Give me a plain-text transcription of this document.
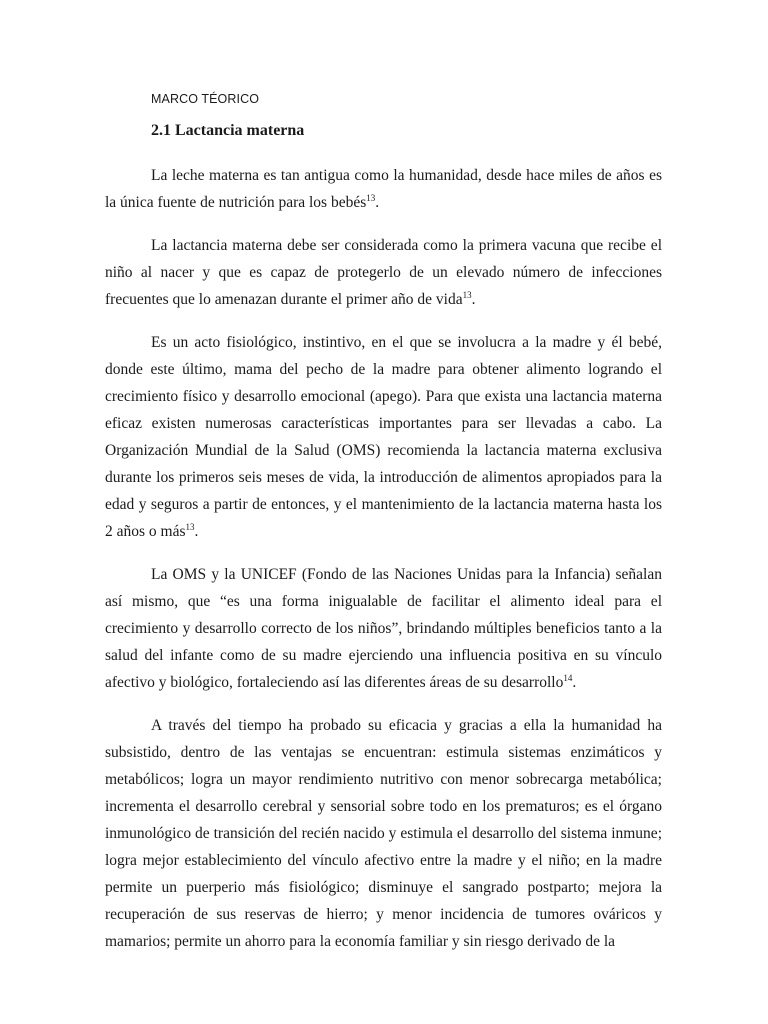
MARCO TÉORICO
2.1 Lactancia materna

La leche materna es tan antigua como la humanidad, desde hace miles de años es la única fuente de nutrición para los bebés$^{13}$.

La lactancia materna debe ser considerada como la primera vacuna que recibe el niño al nacer y que es capaz de protegerlo de un elevado número de infecciones frecuentes que lo amenazan durante el primer año de vida$^{13}$.

Es un acto fisiológico, instintivo, en el que se involucra a la madre y él bebé, donde este último, mama del pecho de la madre para obtener alimento logrando el crecimiento físico y desarrollo emocional (apego). Para que exista una lactancia materna eficaz existen numerosas características importantes para ser llevadas a cabo. La Organización Mundial de la Salud (OMS) recomienda la lactancia materna exclusiva durante los primeros seis meses de vida, la introducción de alimentos apropiados para la edad y seguros a partir de entonces, y el mantenimiento de la lactancia materna hasta los 2 años o más$^{13}$.

La OMS y la UNICEF (Fondo de las Naciones Unidas para la Infancia) señalan así mismo, que “es una forma inigualable de facilitar el alimento ideal para el crecimiento y desarrollo correcto de los niños”, brindando múltiples beneficios tanto a la salud del infante como de su madre ejerciendo una influencia positiva en su vínculo afectivo y biológico, fortaleciendo así las diferentes áreas de su desarrollo$^{14}$.

A través del tiempo ha probado su eficacia y gracias a ella la humanidad ha subsistido, dentro de las ventajas se encuentran: estimula sistemas enzimáticos y metabólicos; logra un mayor rendimiento nutritivo con menor sobrecarga metabólica; incrementa el desarrollo cerebral y sensorial sobre todo en los prematuros; es el órgano inmunológico de transición del recién nacido y estimula el desarrollo del sistema inmune; logra mejor establecimiento del vínculo afectivo entre la madre y el niño; en la madre permite un puerperio más fisiológico; disminuye el sangrado postparto; mejora la recuperación de sus reservas de hierro; y menor incidencia de tumores ováricos y mamarios; permite un ahorro para la economía familiar y sin riesgo derivado de la
